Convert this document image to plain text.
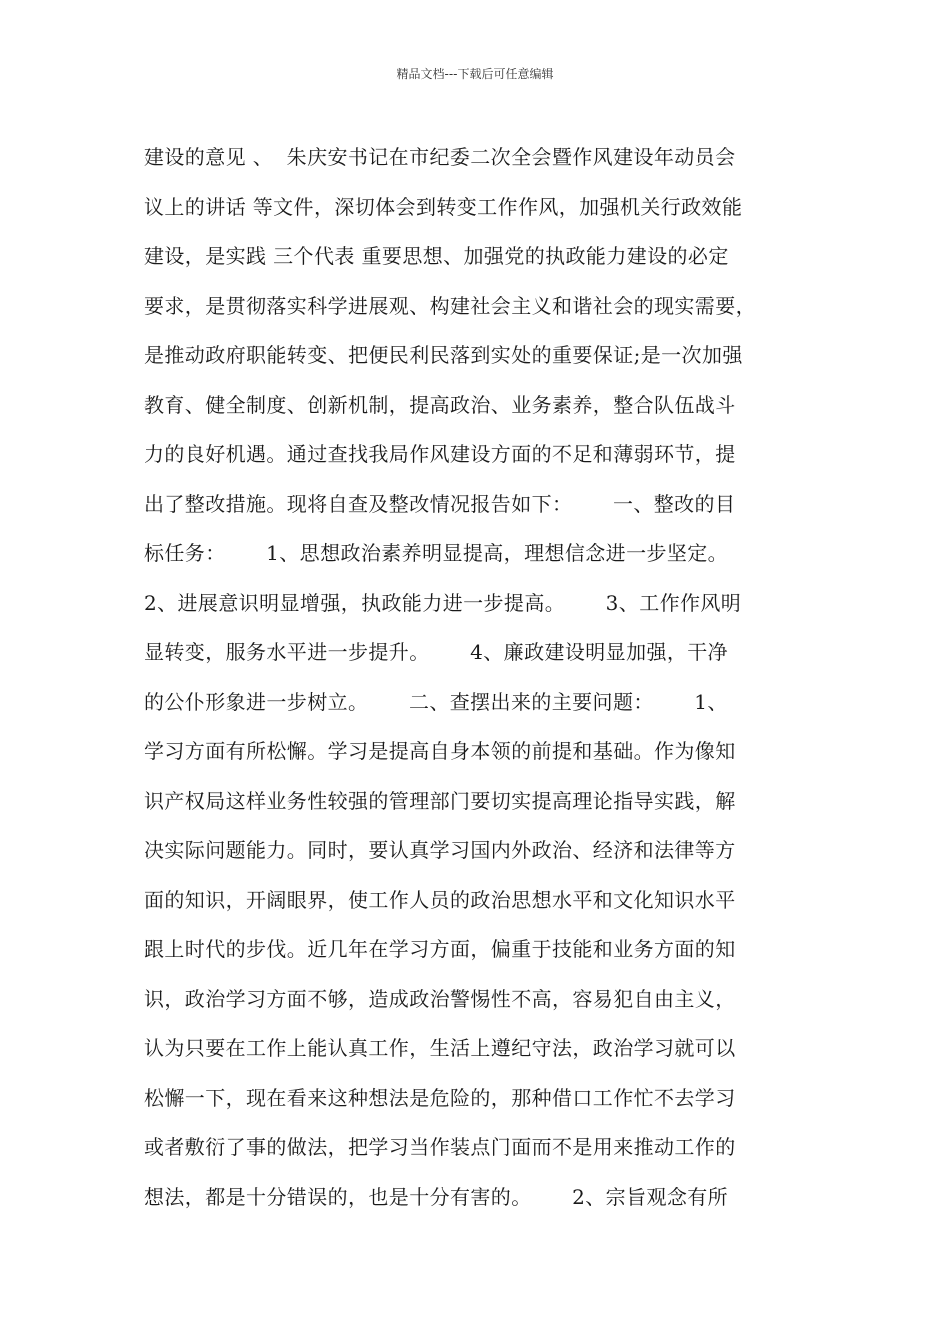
精品文档---下载后可任意编辑
建设的意见 、  朱庆安书记在市纪委二次全会暨作风建设年动员会
议上的讲话 等文件，深切体会到转变工作作风，加强机关行政效能
建设，是实践 三个代表 重要思想、加强党的执政能力建设的必定
要求，是贯彻落实科学进展观、构建社会主义和谐社会的现实需要，
是推动政府职能转变、把便民利民落到实处的重要保证;是一次加强
教育、健全制度、创新机制，提高政治、业务素养，整合队伍战斗
力的良好机遇。通过查找我局作风建设方面的不足和薄弱环节，提
出了整改措施。现将自查及整改情况报告如下：      一、整改的目
标任务：      1、思想政治素养明显提高，理想信念进一步坚定。
2、进展意识明显增强，执政能力进一步提高。      3、工作作风明
显转变，服务水平进一步提升。      4、廉政建设明显加强，干净
的公仆形象进一步树立。      二、查摆出来的主要问题：      1、
学习方面有所松懈。学习是提高自身本领的前提和基础。作为像知
识产权局这样业务性较强的管理部门要切实提高理论指导实践，解
决实际问题能力。同时，要认真学习国内外政治、经济和法律等方
面的知识，开阔眼界，使工作人员的政治思想水平和文化知识水平
跟上时代的步伐。近几年在学习方面，偏重于技能和业务方面的知
识，政治学习方面不够，造成政治警惕性不高，容易犯自由主义，
认为只要在工作上能认真工作，生活上遵纪守法，政治学习就可以
松懈一下，现在看来这种想法是危险的，那种借口工作忙不去学习
或者敷衍了事的做法，把学习当作装点门面而不是用来推动工作的
想法，都是十分错误的，也是十分有害的。      2、宗旨观念有所
